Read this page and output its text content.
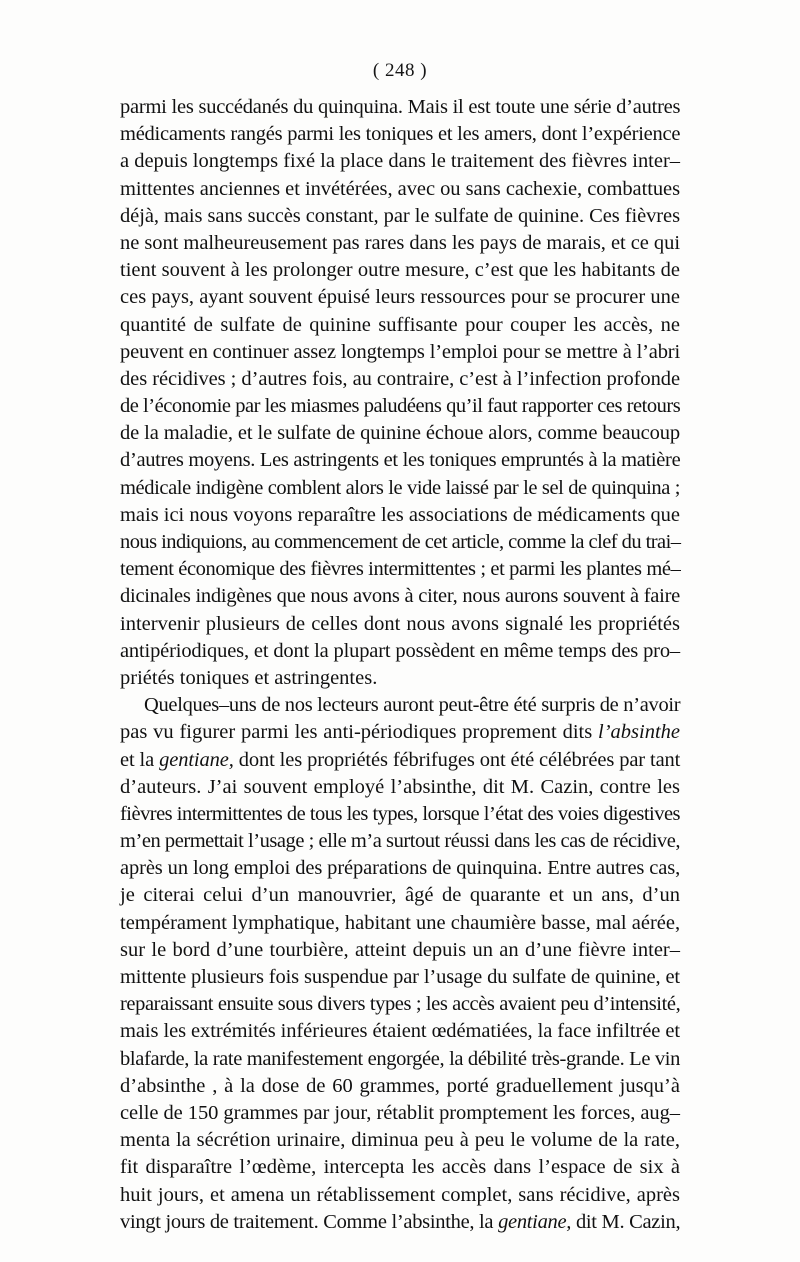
( 248 )
parmi les succédanés du quinquina. Mais il est toute une série d’autres
médicaments rangés parmi les toniques et les amers, dont l’expérience
a depuis longtemps fixé la place dans le traitement des fièvres inter–
mittentes anciennes et invétérées, avec ou sans cachexie, combattues
déjà, mais sans succès constant, par le sulfate de quinine. Ces fièvres
ne sont malheureusement pas rares dans les pays de marais, et ce qui
tient souvent à les prolonger outre mesure, c’est que les habitants de
ces pays, ayant souvent épuisé leurs ressources pour se procurer une
quantité de sulfate de quinine suffisante pour couper les accès, ne
peuvent en continuer assez longtemps l’emploi pour se mettre à l’abri
des récidives ; d’autres fois, au contraire, c’est à l’infection profonde
de l’économie par les miasmes paludéens qu’il faut rapporter ces retours
de la maladie, et le sulfate de quinine échoue alors, comme beaucoup
d’autres moyens. Les astringents et les toniques empruntés à la matière
médicale indigène comblent alors le vide laissé par le sel de quinquina ;
mais ici nous voyons reparaître les associations de médicaments que
nous indiquions, au commencement de cet article, comme la clef du trai–
tement économique des fièvres intermittentes ; et parmi les plantes mé–
dicinales indigènes que nous avons à citer, nous aurons souvent à faire
intervenir plusieurs de celles dont nous avons signalé les propriétés
antipériodiques, et dont la plupart possèdent en même temps des pro–
priétés toniques et astringentes.
Quelques–uns de nos lecteurs auront peut-être été surpris de n’avoir
pas vu figurer parmi les anti-périodiques proprement dits l’absinthe
et la gentiane, dont les propriétés fébrifuges ont été célébrées par tant
d’auteurs. J’ai souvent employé l’absinthe, dit M. Cazin, contre les
fièvres intermittentes de tous les types, lorsque l’état des voies digestives
m’en permettait l’usage ; elle m’a surtout réussi dans les cas de récidive,
après un long emploi des préparations de quinquina. Entre autres cas,
je citerai celui d’un manouvrier, âgé de quarante et un ans, d’un
tempérament lymphatique, habitant une chaumière basse, mal aérée,
sur le bord d’une tourbière, atteint depuis un an d’une fièvre inter–
mittente plusieurs fois suspendue par l’usage du sulfate de quinine, et
reparaissant ensuite sous divers types ; les accès avaient peu d’intensité,
mais les extrémités inférieures étaient œdématiées, la face infiltrée et
blafarde, la rate manifestement engorgée, la débilité très-grande. Le vin
d’absinthe , à la dose de 60 grammes, porté graduellement jusqu’à
celle de 150 grammes par jour, rétablit promptement les forces, aug–
menta la sécrétion urinaire, diminua peu à peu le volume de la rate,
fit disparaître l’œdème, intercepta les accès dans l’espace de six à
huit jours, et amena un rétablissement complet, sans récidive, après
vingt jours de traitement. Comme l’absinthe, la gentiane, dit M. Cazin,
